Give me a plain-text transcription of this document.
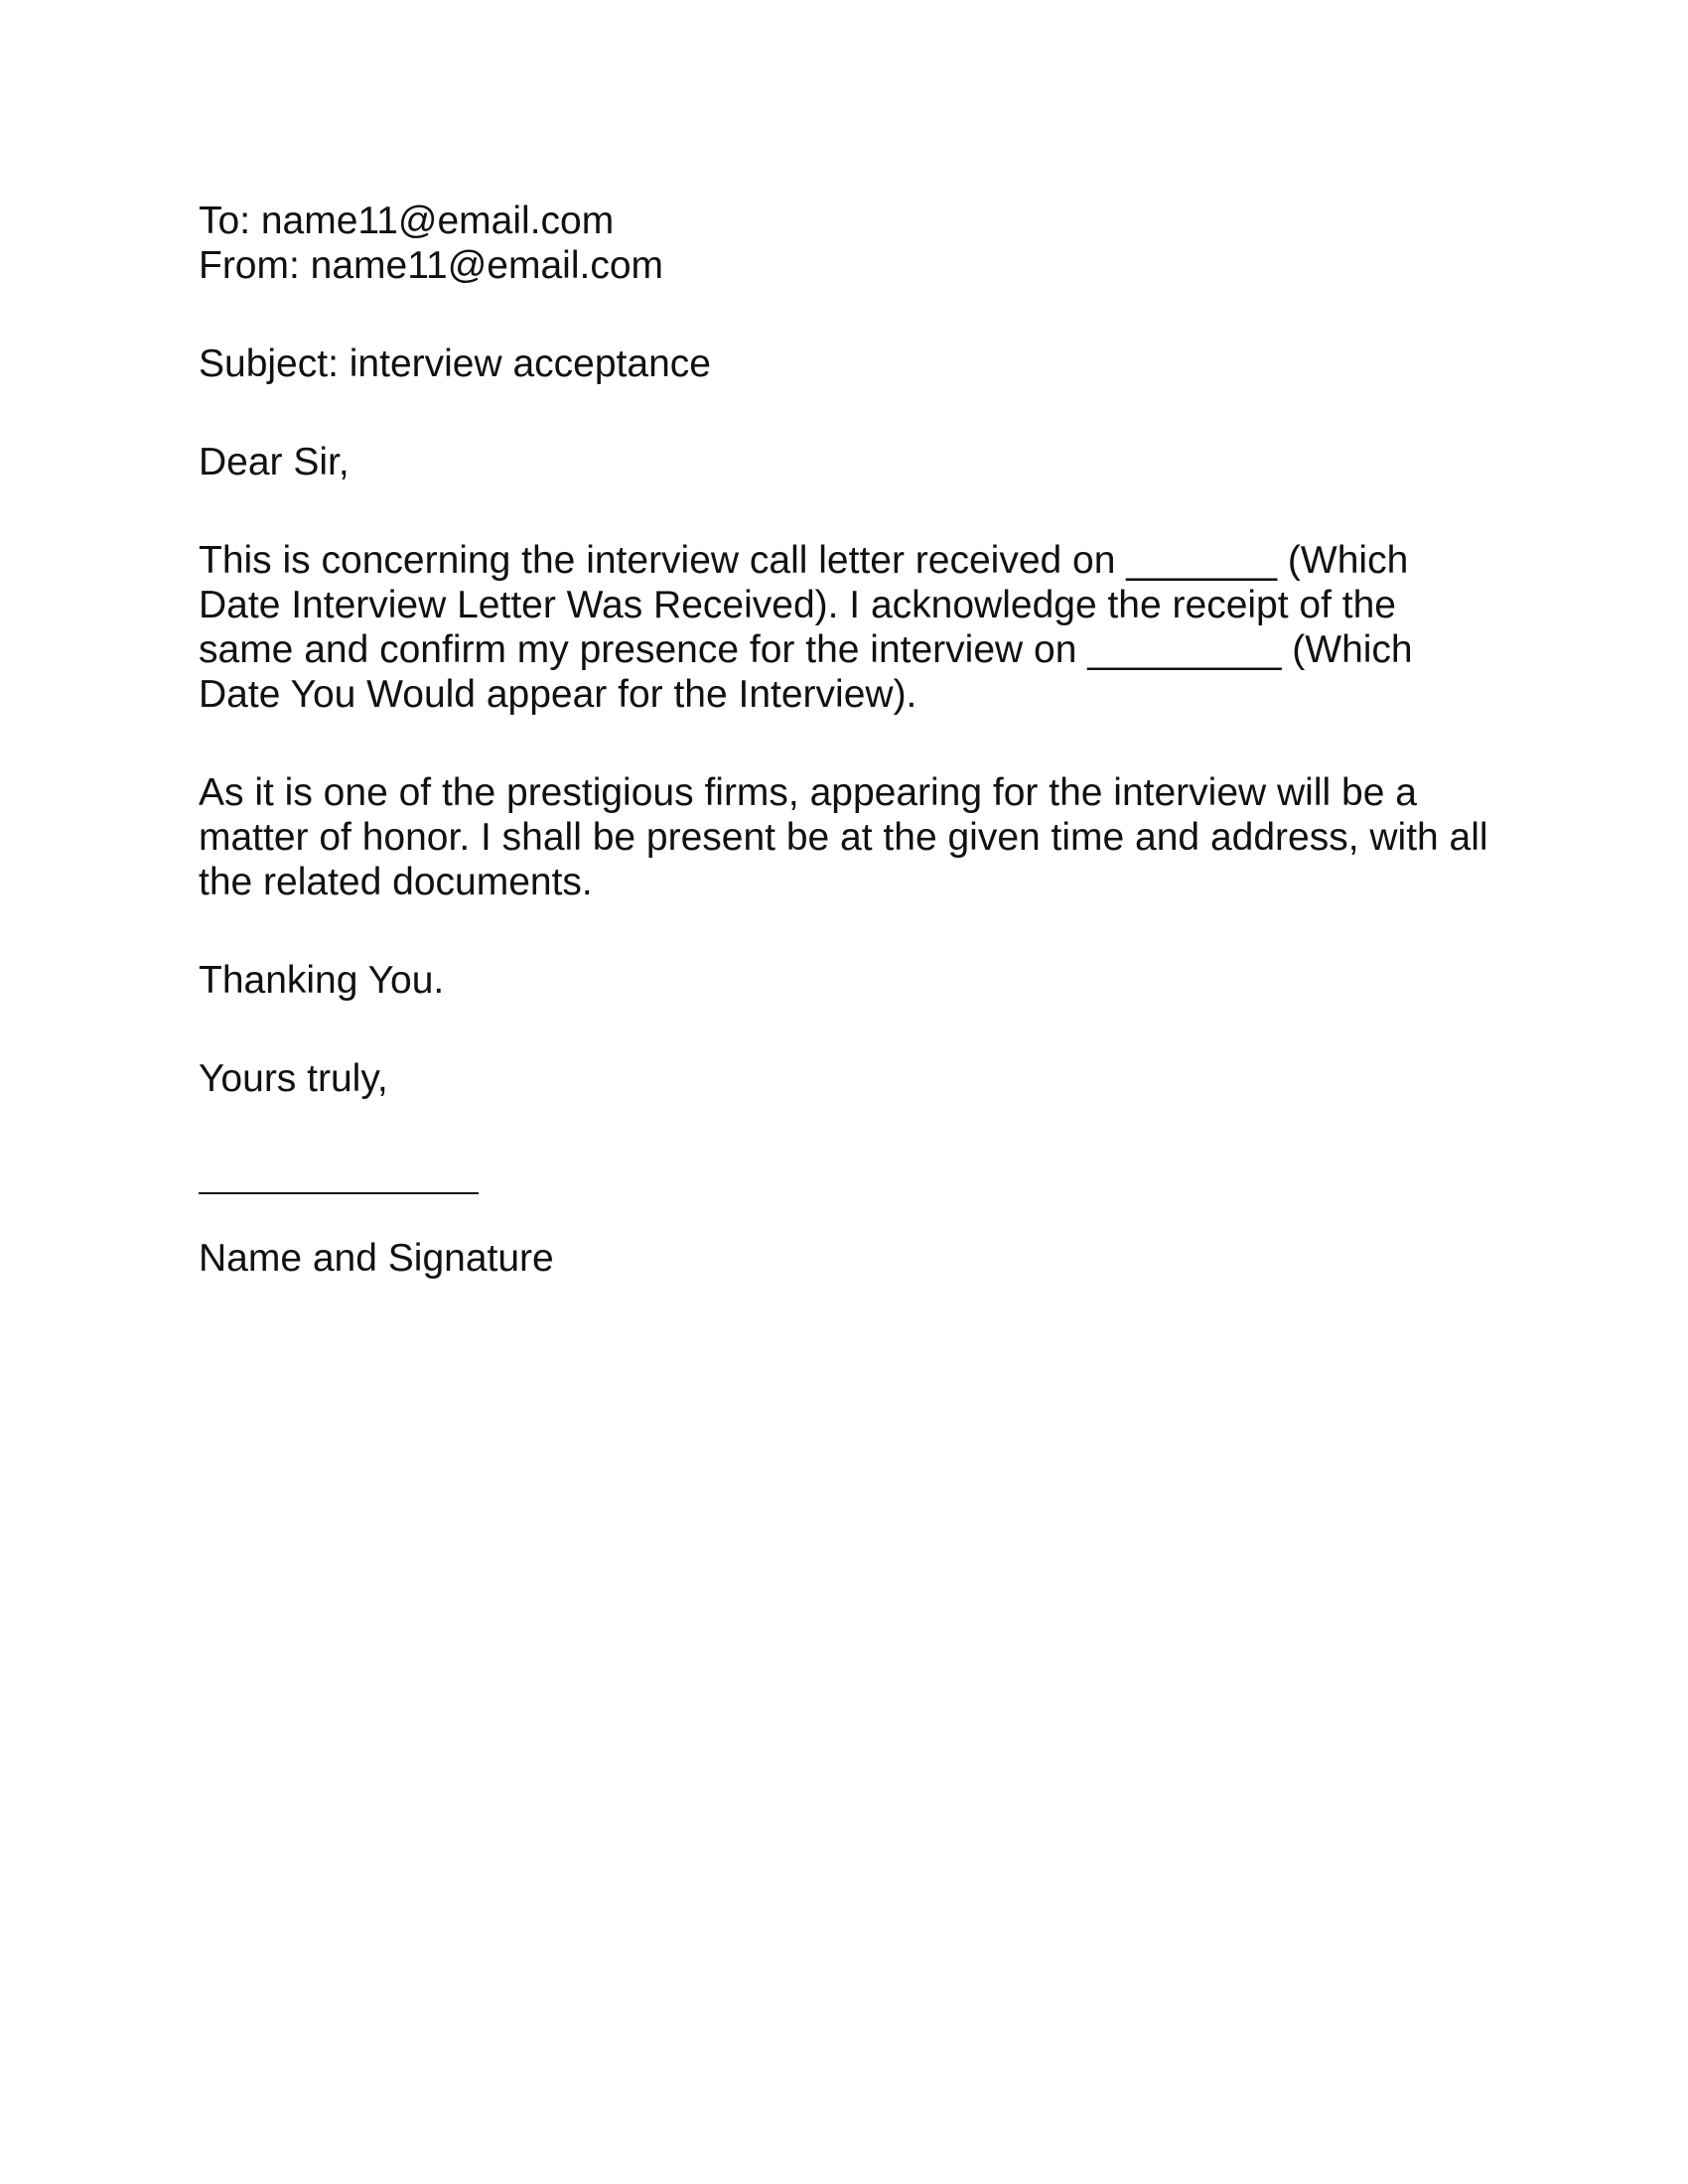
To: name11@email.com
From: name11@email.com
Subject: interview acceptance
Dear Sir,
This is concerning the interview call letter received on _______ (Which
Date Interview Letter Was Received). I acknowledge the receipt of the
same and confirm my presence for the interview on _________ (Which
Date You Would appear for the Interview).
As it is one of the prestigious firms, appearing for the interview will be a
matter of honor. I shall be present be at the given time and address, with all
the related documents.
Thanking You.
Yours truly,
Name and Signature
